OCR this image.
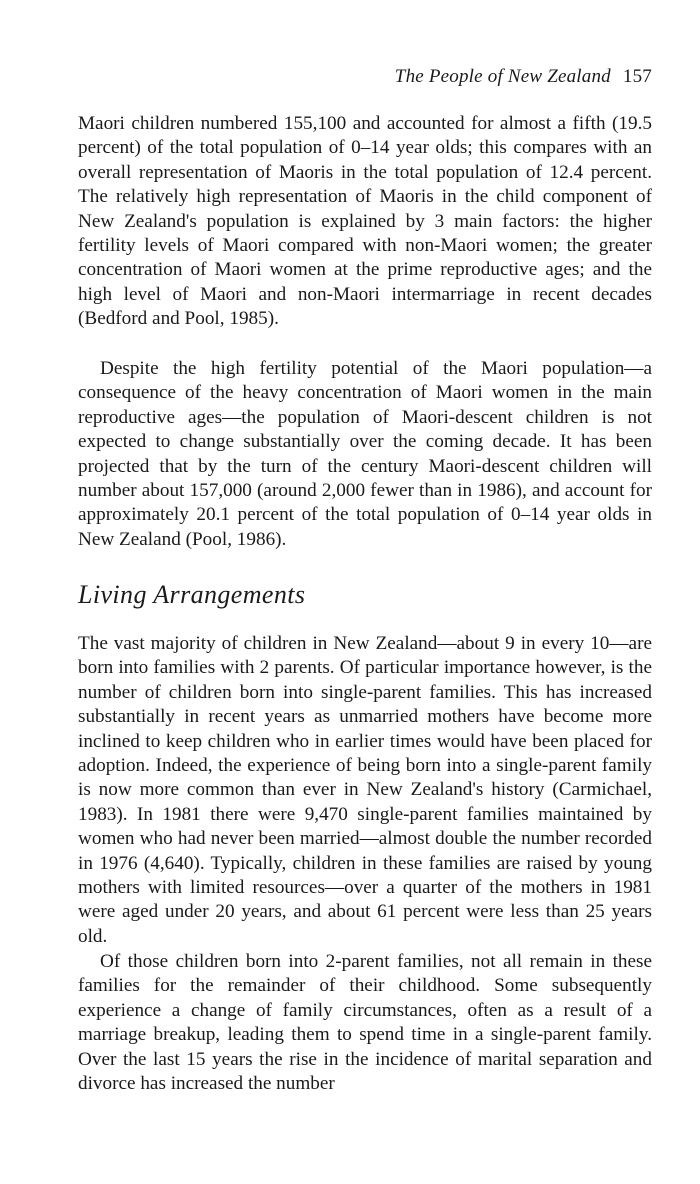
The People of New Zealand 157

Maori children numbered 155,100 and accounted for almost a fifth (19.5 percent) of the total population of 0–14 year olds; this compares with an overall representation of Maoris in the total population of 12.4 percent. The relatively high representation of Maoris in the child component of New Zealand's population is explained by 3 main factors: the higher fertility levels of Maori compared with non-Maori women; the greater concentration of Maori women at the prime reproductive ages; and the high level of Maori and non-Maori intermarriage in recent decades (Bedford and Pool, 1985).

Despite the high fertility potential of the Maori population—a consequence of the heavy concentration of Maori women in the main reproductive ages—the population of Maori-descent children is not expected to change substantially over the coming decade. It has been projected that by the turn of the century Maori-descent children will number about 157,000 (around 2,000 fewer than in 1986), and account for approximately 20.1 percent of the total population of 0–14 year olds in New Zealand (Pool, 1986).

Living Arrangements

The vast majority of children in New Zealand—about 9 in every 10—are born into families with 2 parents. Of particular importance however, is the number of children born into single-parent families. This has increased substantially in recent years as unmarried mothers have become more inclined to keep children who in earlier times would have been placed for adoption. Indeed, the experience of being born into a single-parent family is now more common than ever in New Zealand's history (Carmichael, 1983). In 1981 there were 9,470 single-parent families maintained by women who had never been married—almost double the number recorded in 1976 (4,640). Typically, children in these families are raised by young mothers with limited resources—over a quarter of the mothers in 1981 were aged under 20 years, and about 61 percent were less than 25 years old.

Of those children born into 2-parent families, not all remain in these families for the remainder of their childhood. Some subsequently experience a change of family circumstances, often as a result of a marriage breakup, leading them to spend time in a single-parent family. Over the last 15 years the rise in the incidence of marital separation and divorce has increased the number
